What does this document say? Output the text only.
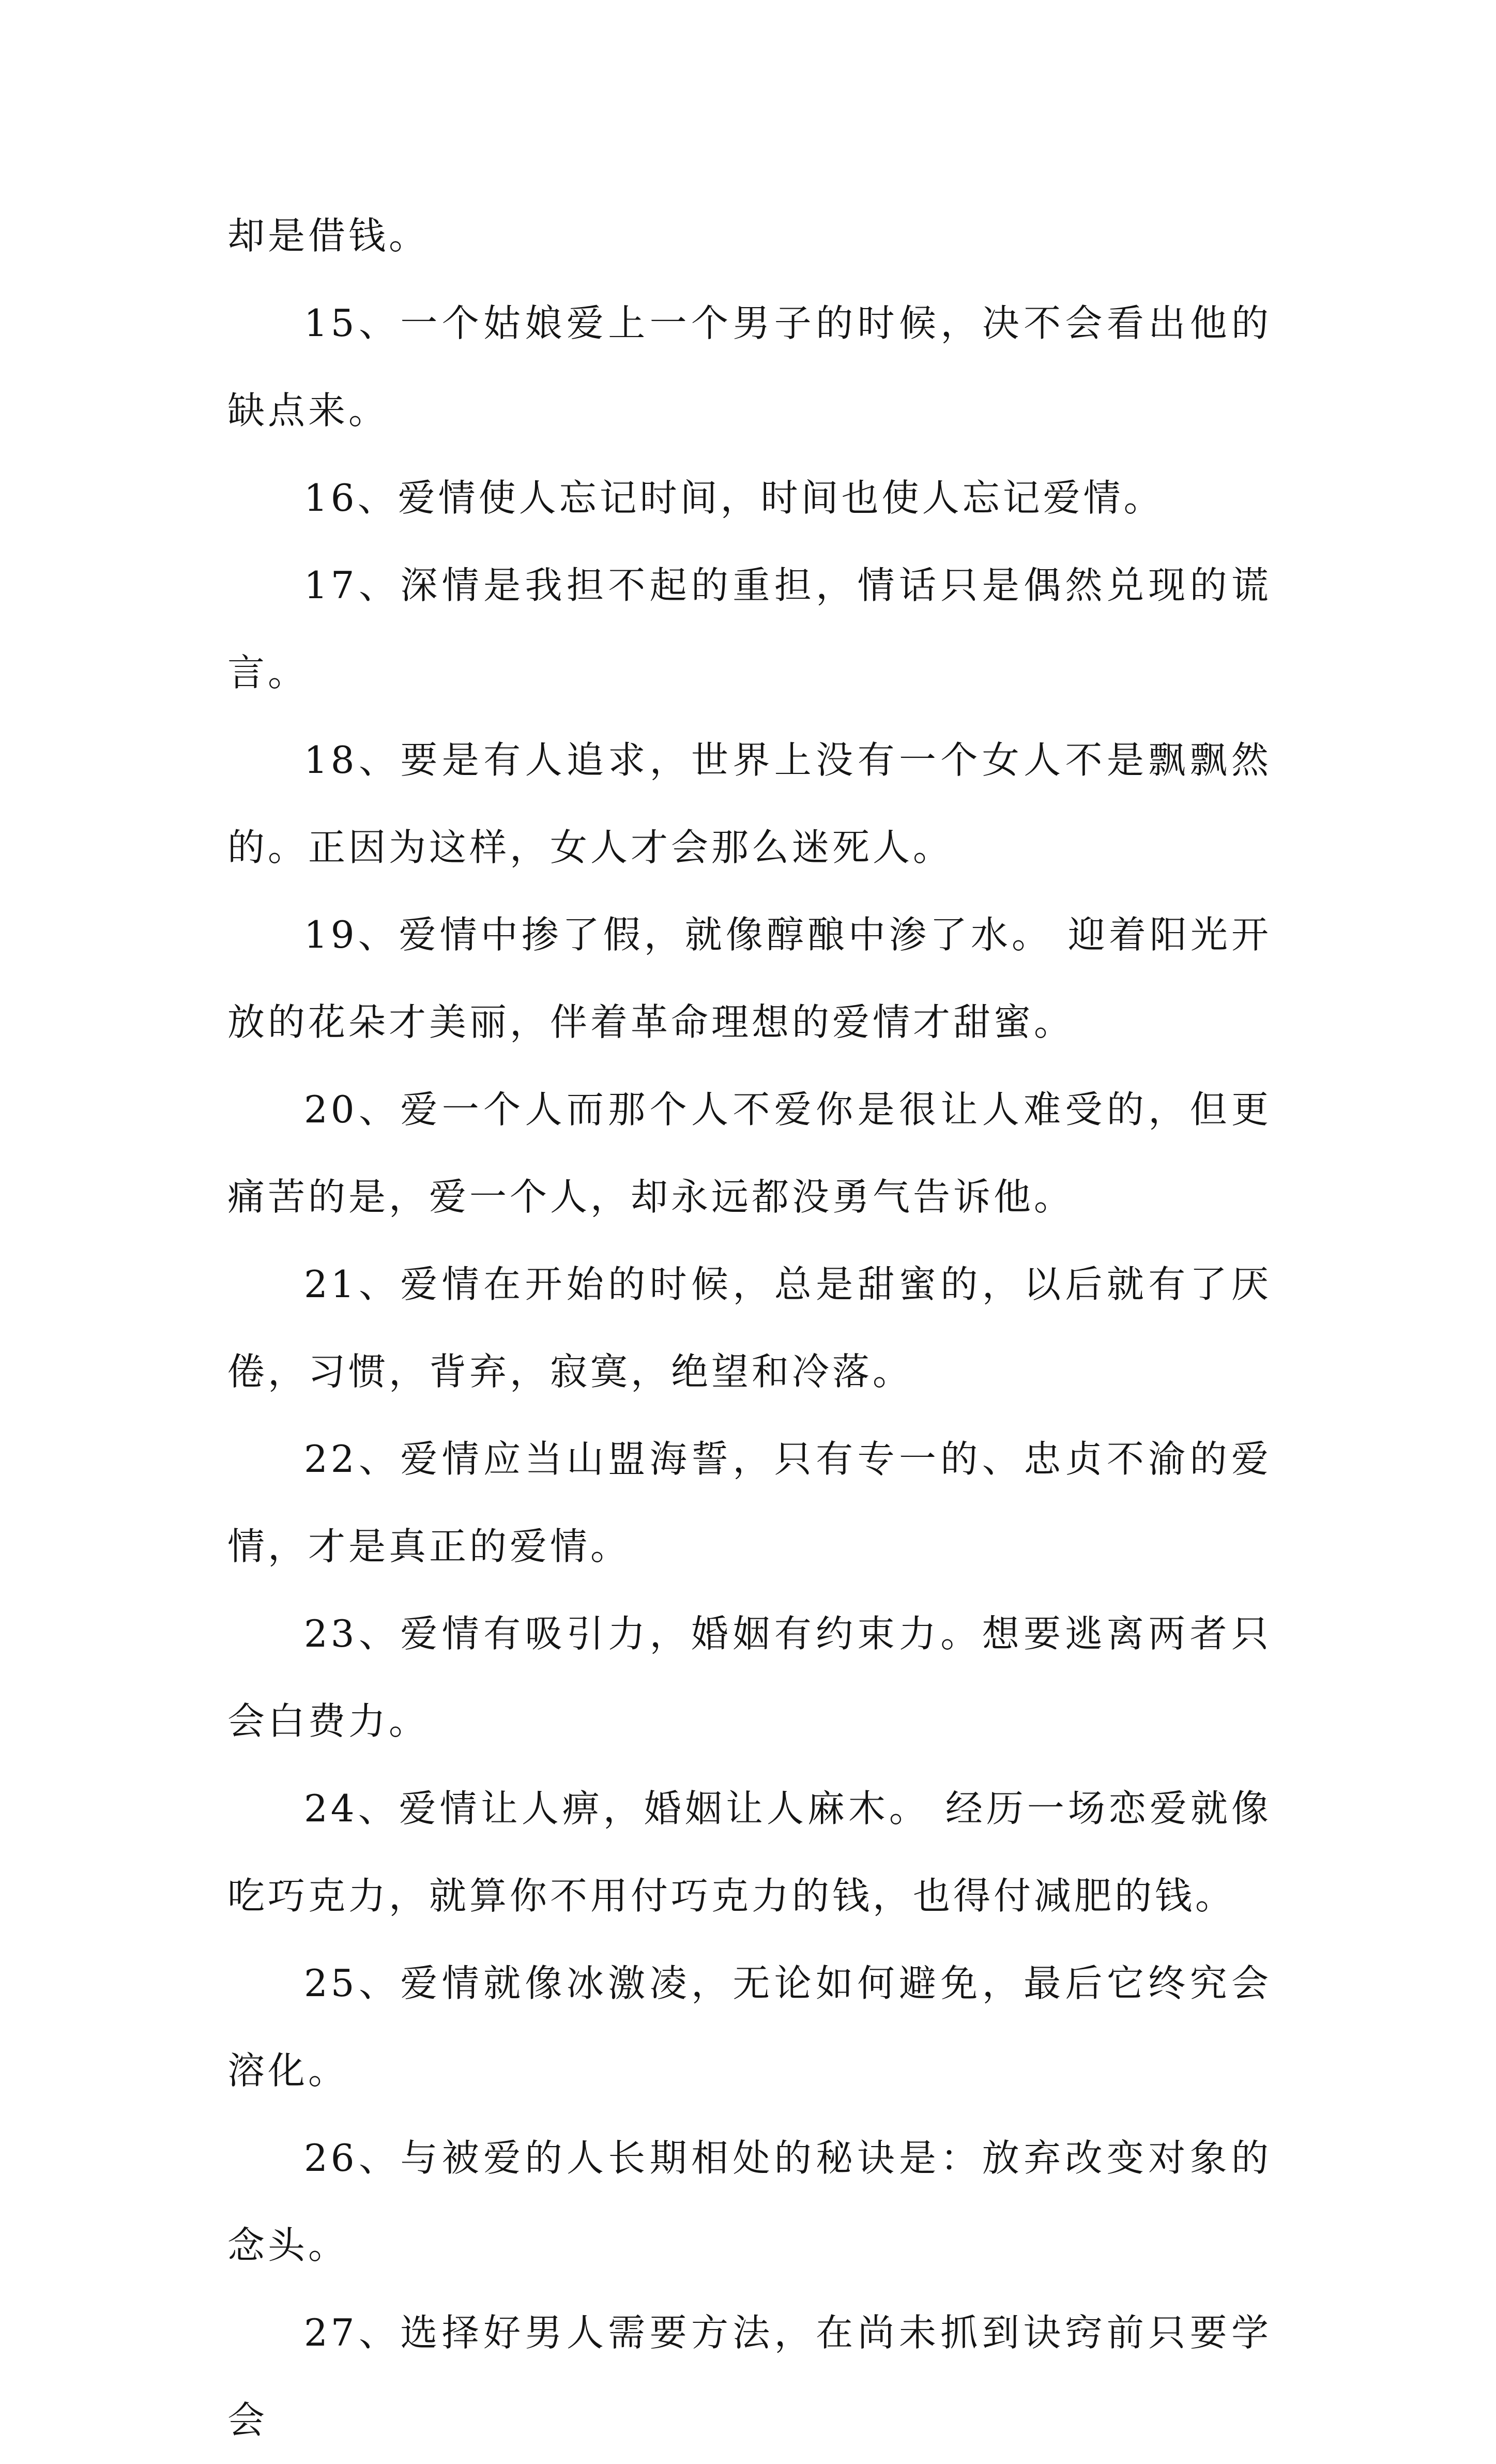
却是借钱。

15、一个姑娘爱上一个男子的时候，决不会看出他的缺点来。

16、爱情使人忘记时间，时间也使人忘记爱情。

17、深情是我担不起的重担，情话只是偶然兑现的谎言。

18、要是有人追求，世界上没有一个女人不是飘飘然的。正因为这样，女人才会那么迷死人。

19、爱情中掺了假，就像醇酿中渗了水。 迎着阳光开放的花朵才美丽，伴着革命理想的爱情才甜蜜。

20、爱一个人而那个人不爱你是很让人难受的，但更痛苦的是，爱一个人，却永远都没勇气告诉他。

21、爱情在开始的时候，总是甜蜜的，以后就有了厌倦，习惯，背弃，寂寞，绝望和冷落。

22、爱情应当山盟海誓，只有专一的、忠贞不渝的爱情，才是真正的爱情。

23、爱情有吸引力，婚姻有约束力。想要逃离两者只会白费力。

24、爱情让人痹，婚姻让人麻木。 经历一场恋爱就像吃巧克力，就算你不用付巧克力的钱，也得付减肥的钱。

25、爱情就像冰激凌，无论如何避免，最后它终究会溶化。

26、与被爱的人长期相处的秘诀是：放弃改变对象的念头。

27、选择好男人需要方法，在尚未抓到诀窍前只要学会
